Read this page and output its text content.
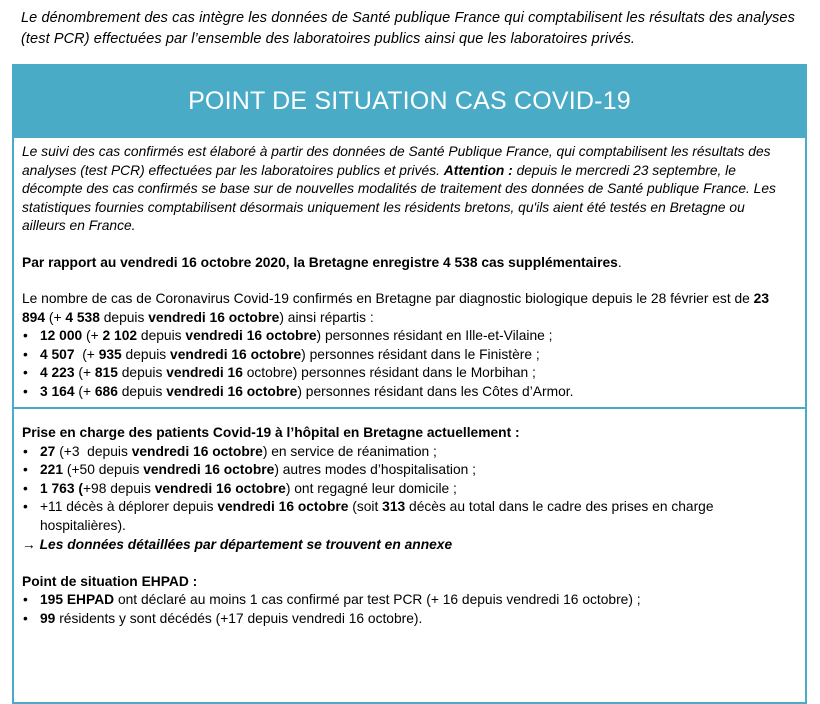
Le dénombrement des cas intègre les données de Santé publique France qui comptabilisent les résultats des analyses (test PCR) effectuées par l’ensemble des laboratoires publics ainsi que les laboratoires privés.
POINT DE SITUATION CAS COVID-19

Le suivi des cas confirmés est élaboré à partir des données de Santé Publique France, qui comptabilisent les résultats des analyses (test PCR) effectuées par les laboratoires publics et privés. Attention : depuis le mercredi 23 septembre, le décompte des cas confirmés se base sur de nouvelles modalités de traitement des données de Santé publique France. Les statistiques fournies comptabilisent désormais uniquement les résidents bretons, qu'ils aient été testés en Bretagne ou ailleurs en France.

Par rapport au vendredi 16 octobre 2020, la Bretagne enregistre 4 538 cas supplémentaires.

Le nombre de cas de Coronavirus Covid-19 confirmés en Bretagne par diagnostic biologique depuis le 28 février est de 23 894 (+ 4 538 depuis vendredi 16 octobre) ainsi répartis :

• 12 000 (+ 2 102 depuis vendredi 16 octobre) personnes résidant en Ille-et-Vilaine ;
• 4 507  (+ 935 depuis vendredi 16 octobre) personnes résidant dans le Finistère ;
• 4 223 (+ 815 depuis vendredi 16 octobre) personnes résidant dans le Morbihan ;
• 3 164 (+ 686 depuis vendredi 16 octobre) personnes résidant dans les Côtes d’Armor.

Prise en charge des patients Covid-19 à l’hôpital en Bretagne actuellement :

• 27 (+3  depuis vendredi 16 octobre) en service de réanimation ;
• 221 (+50 depuis vendredi 16 octobre) autres modes d’hospitalisation ;
• 1 763 (+98 depuis vendredi 16 octobre) ont regagné leur domicile ;
• +11 décès à déplorer depuis vendredi 16 octobre (soit 313 décès au total dans le cadre des prises en charge hospitalières).

→ Les données détaillées par département se trouvent en annexe

Point de situation EHPAD :

• 195 EHPAD ont déclaré au moins 1 cas confirmé par test PCR (+ 16 depuis vendredi 16 octobre) ;
• 99 résidents y sont décédés (+17 depuis vendredi 16 octobre).
